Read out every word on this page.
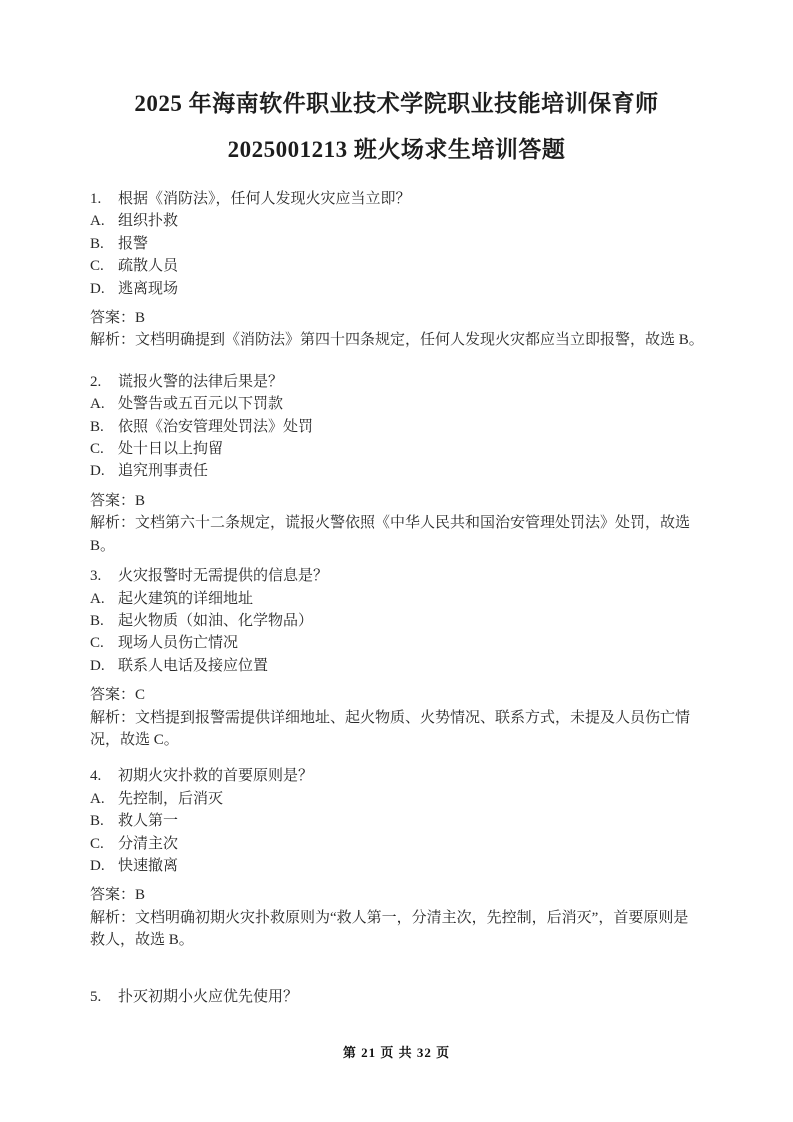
2025 年海南软件职业技术学院职业技能培训保育师
2025001213 班火场求生培训答题
1.	根据《消防法》，任何人发现火灾应当立即？
A. 组织扑救
B. 报警
C. 疏散人员
D. 逃离现场
答案：B
解析：文档明确提到《消防法》第四十四条规定，任何人发现火灾都应当立即报警，故选 B。
2.	谎报火警的法律后果是？
A. 处警告或五百元以下罚款
B. 依照《治安管理处罚法》处罚
C. 处十日以上拘留
D. 追究刑事责任
答案：B
解析：文档第六十二条规定，谎报火警依照《中华人民共和国治安管理处罚法》处罚，故选
B。
3.	火灾报警时无需提供的信息是？
A. 起火建筑的详细地址
B. 起火物质（如油、化学物品）
C. 现场人员伤亡情况
D. 联系人电话及接应位置
答案：C
解析：文档提到报警需提供详细地址、起火物质、火势情况、联系方式，未提及人员伤亡情
况，故选 C。
4.	初期火灾扑救的首要原则是？
A. 先控制，后消灭
B. 救人第一
C. 分清主次
D. 快速撤离
答案：B
解析：文档明确初期火灾扑救原则为“救人第一，分清主次，先控制，后消灭”，首要原则是
救人，故选 B。
5.	扑灭初期小火应优先使用？
第 21 页 共 32 页
